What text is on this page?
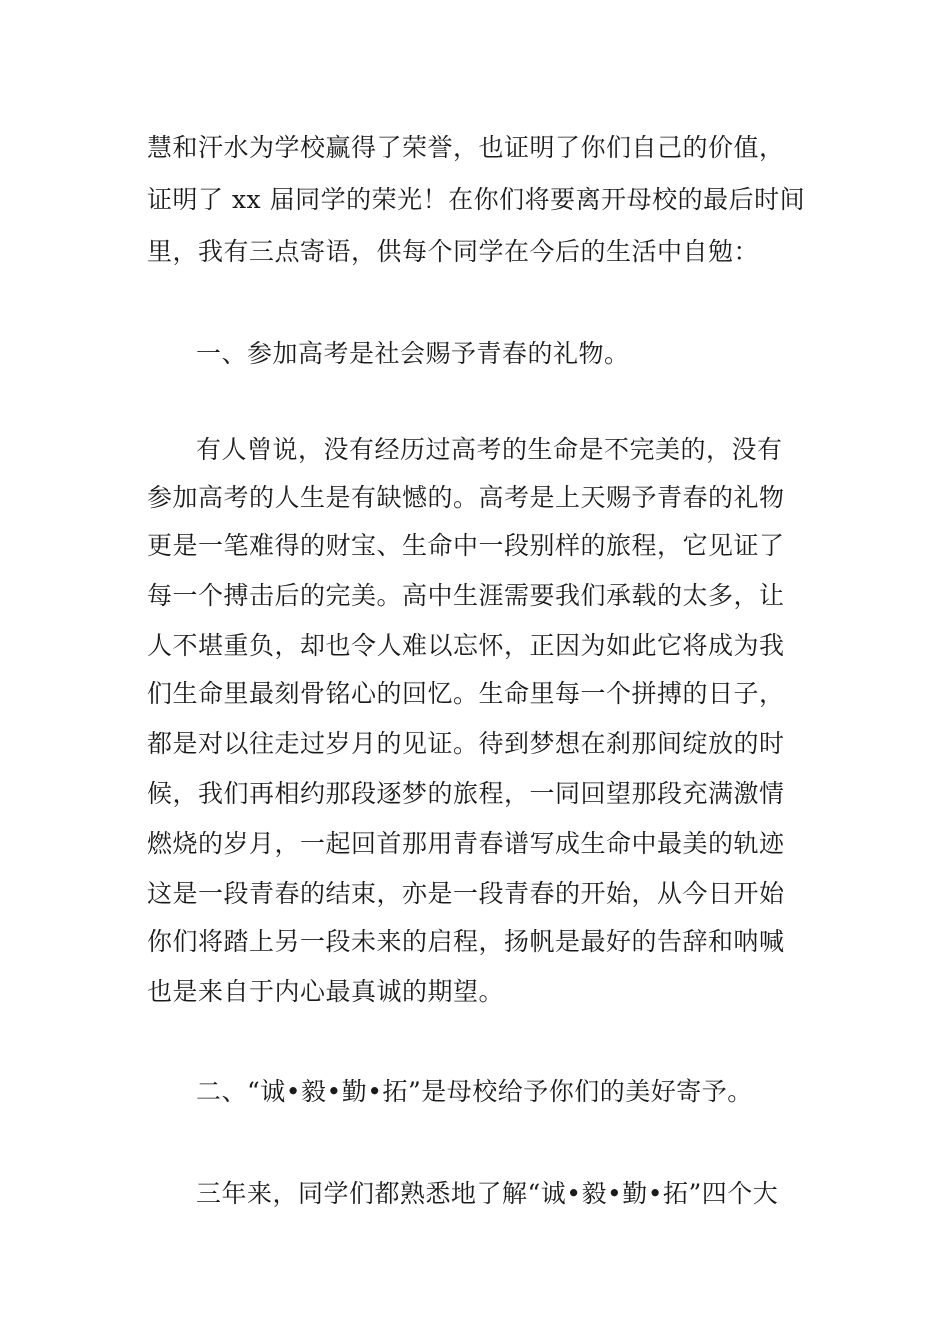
慧和汗水为学校赢得了荣誉，也证明了你们自己的价值，
证明了 xx 届同学的荣光！在你们将要离开母校的最后时间
里，我有三点寄语，供每个同学在今后的生活中自勉：
一、参加高考是社会赐予青春的礼物。
有人曾说，没有经历过高考的生命是不完美的，没有
参加高考的人生是有缺憾的。高考是上天赐予青春的礼物
更是一笔难得的财宝、生命中一段别样的旅程，它见证了
每一个搏击后的完美。高中生涯需要我们承载的太多，让
人不堪重负，却也令人难以忘怀，正因为如此它将成为我
们生命里最刻骨铭心的回忆。生命里每一个拼搏的日子，
都是对以往走过岁月的见证。待到梦想在刹那间绽放的时
候，我们再相约那段逐梦的旅程，一同回望那段充满激情
燃烧的岁月，一起回首那用青春谱写成生命中最美的轨迹
这是一段青春的结束，亦是一段青春的开始，从今日开始
你们将踏上另一段未来的启程，扬帆是最好的告辞和呐喊
也是来自于内心最真诚的期望。
二、“诚•毅•勤•拓”是母校给予你们的美好寄予。
三年来，同学们都熟悉地了解“诚•毅•勤•拓”四个大
